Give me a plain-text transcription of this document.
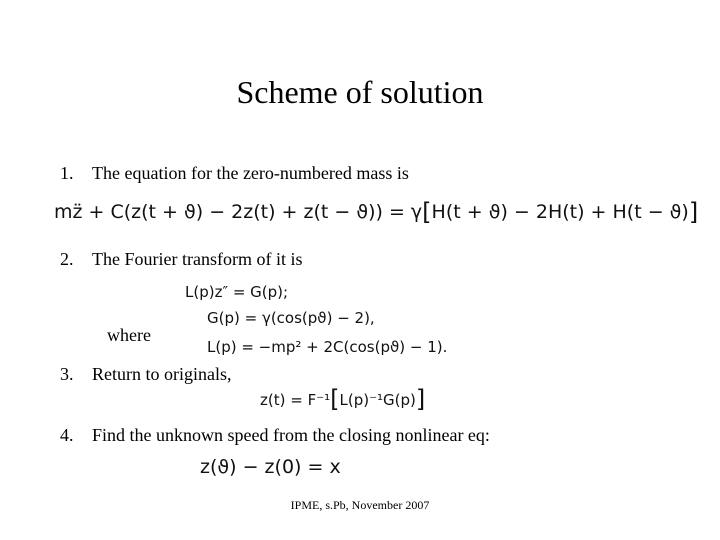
Scheme of solution
1. The equation for the zero-numbered mass is
mz̈ + C(z(t + ϑ) − 2z(t) + z(t − ϑ)) = γ[H(t + ϑ) − 2H(t) + H(t − ϑ)]
2. The Fourier transform of it is
L(p)z″ = G(p);
where
G(p) = γ(cos(pϑ) − 2),
L(p) = −mp² + 2C(cos(pϑ) − 1).
3. Return to originals,
z(t) = F⁻¹[L(p)⁻¹G(p)]
4. Find the unknown speed from the closing nonlinear eq:
z(ϑ) − z(0) = x
IPME, s.Pb, November 2007
